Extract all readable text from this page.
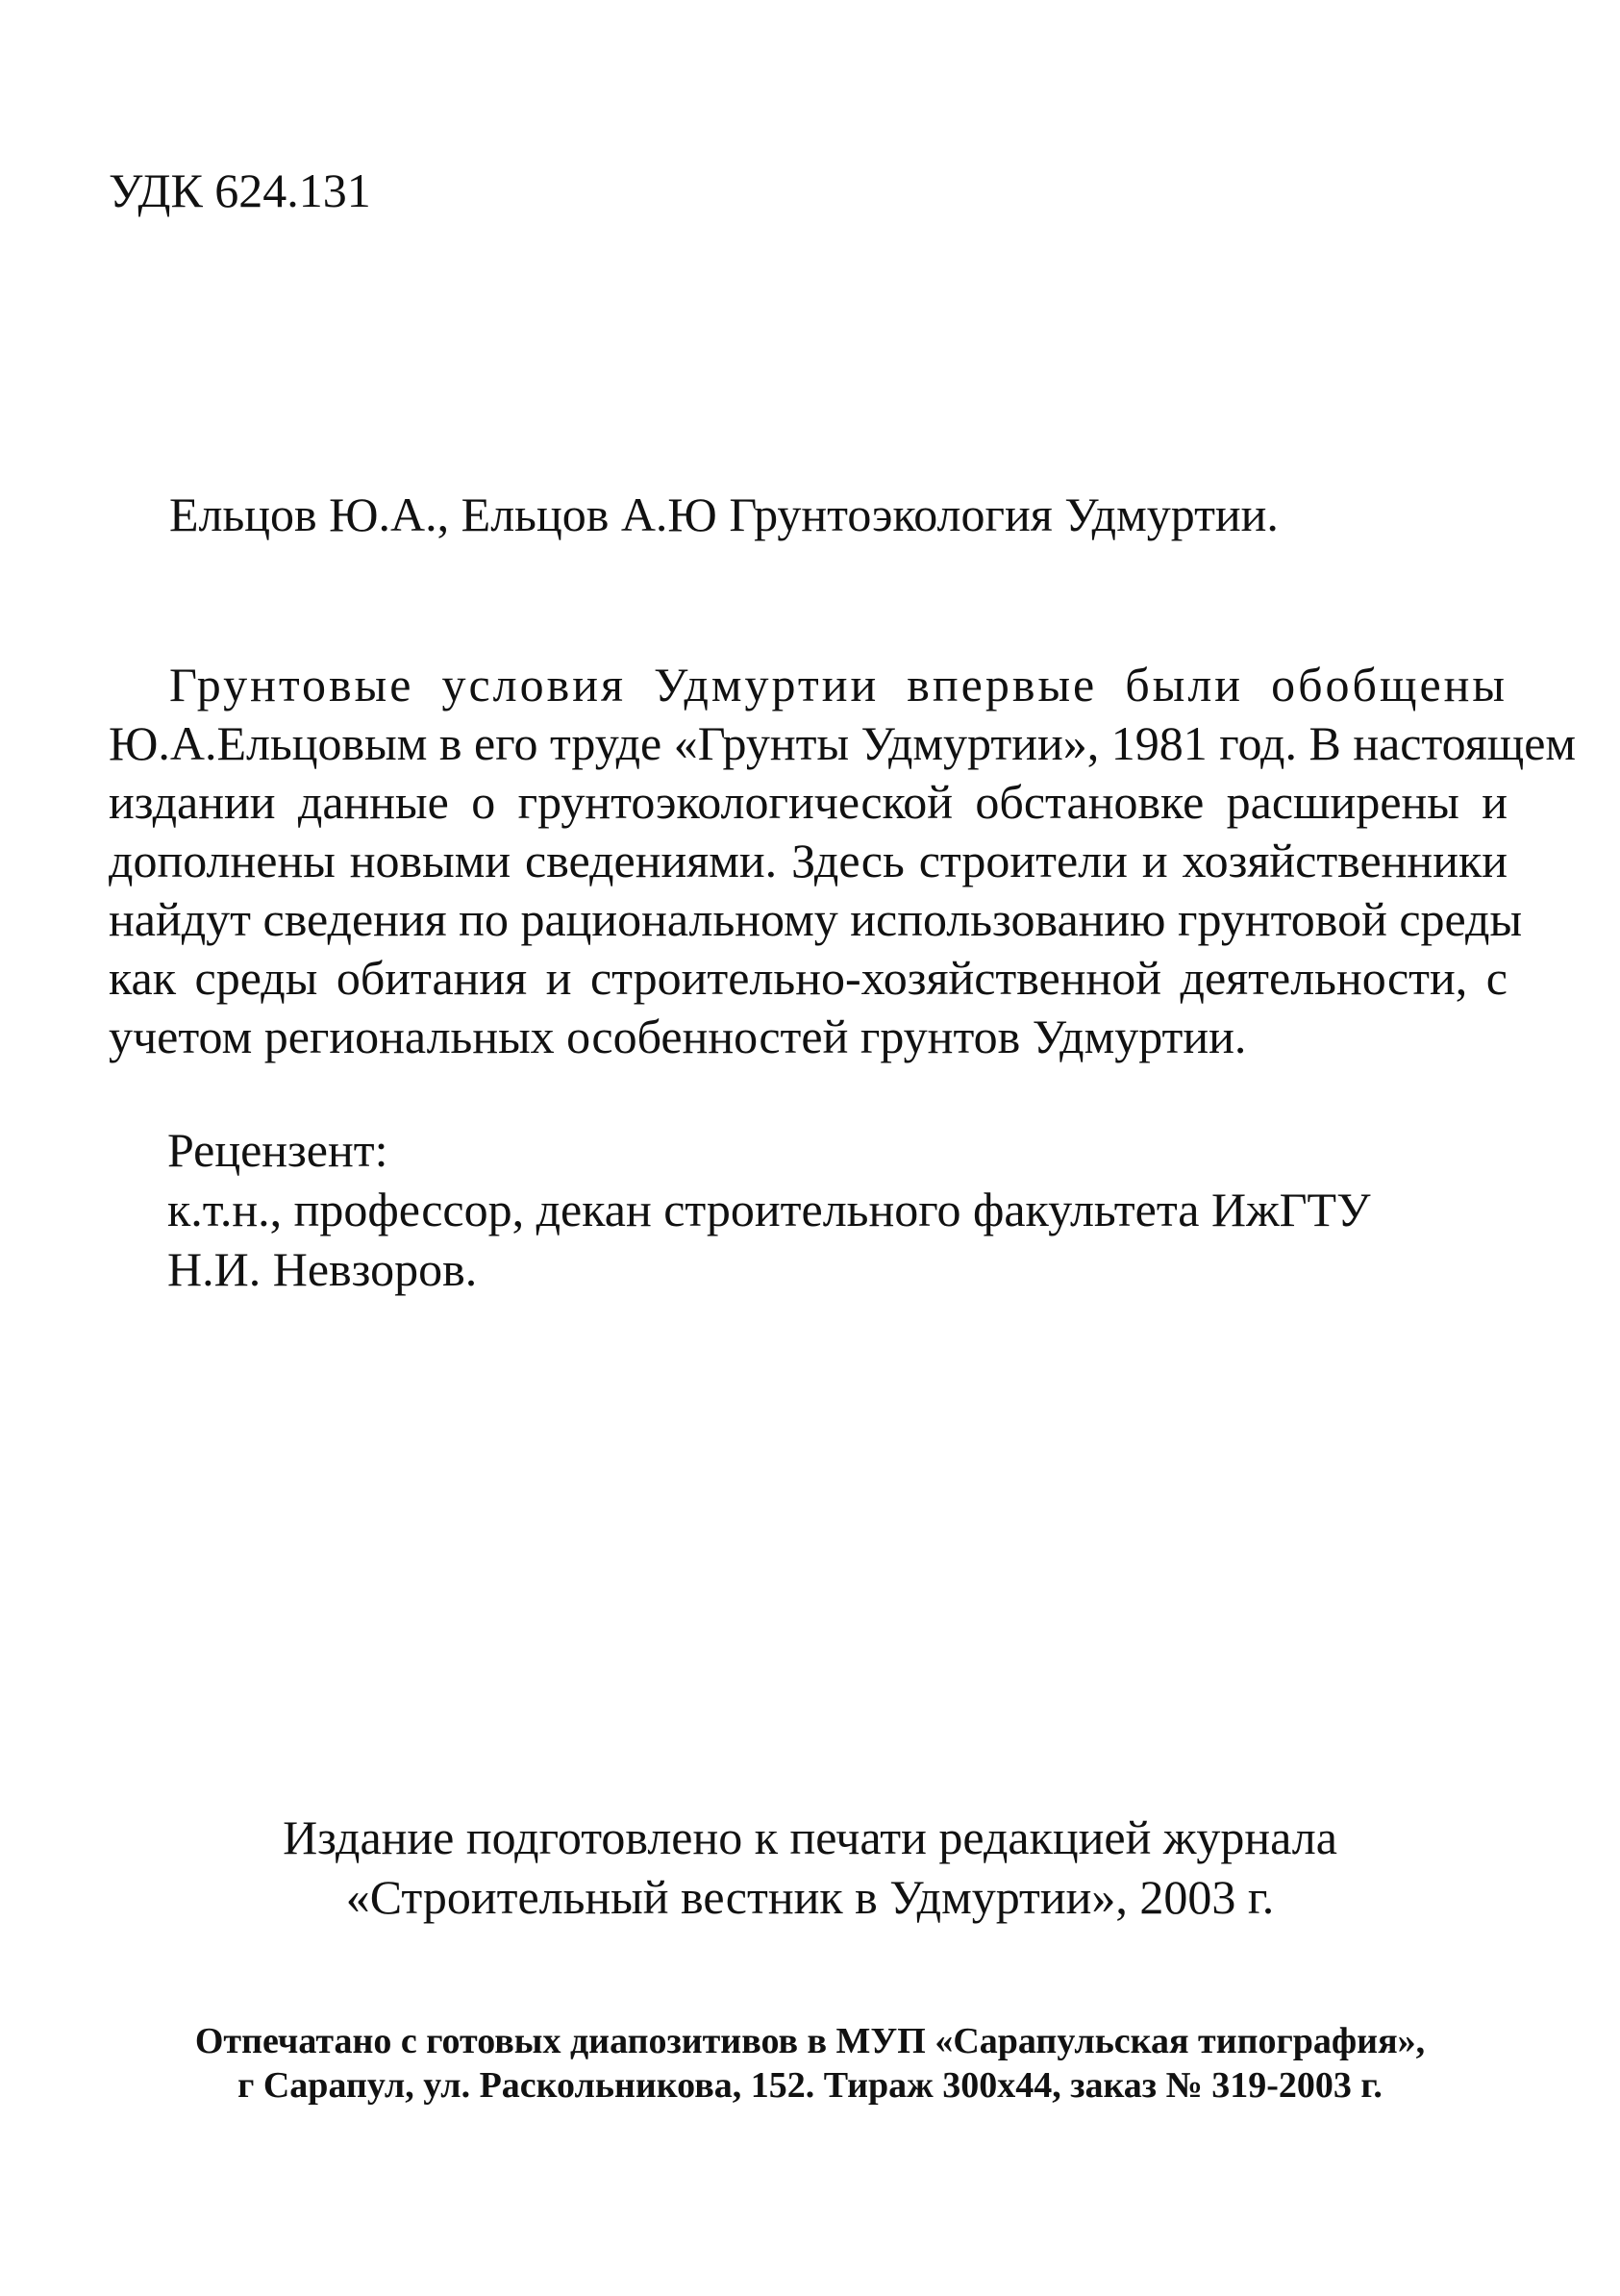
УДК 624.131
Ельцов Ю.А., Ельцов А.Ю Грунтоэкология Удмуртии.
Грунтовые условия Удмуртии впервые были обобщены
Ю.А.Ельцовым в его труде «Грунты Удмуртии», 1981 год. В настоящем
издании данные о грунтоэкологической обстановке расширены и
дополнены новыми сведениями. Здесь строители и хозяйственники
найдут сведения по рациональному использованию грунтовой среды
как среды обитания и строительно-хозяйственной деятельности, с
учетом региональных особенностей грунтов Удмуртии.
Рецензент:
к.т.н., профессор, декан строительного факультета ИжГТУ
Н.И. Невзоров.
Издание подготовлено к печати редакцией журнала
«Строительный вестник в Удмуртии», 2003 г.
Отпечатано с готовых диапозитивов в МУП «Сарапульская типография»,
г Сарапул, ул. Раскольникова, 152. Тираж 300х44, заказ № 319-2003 г.
